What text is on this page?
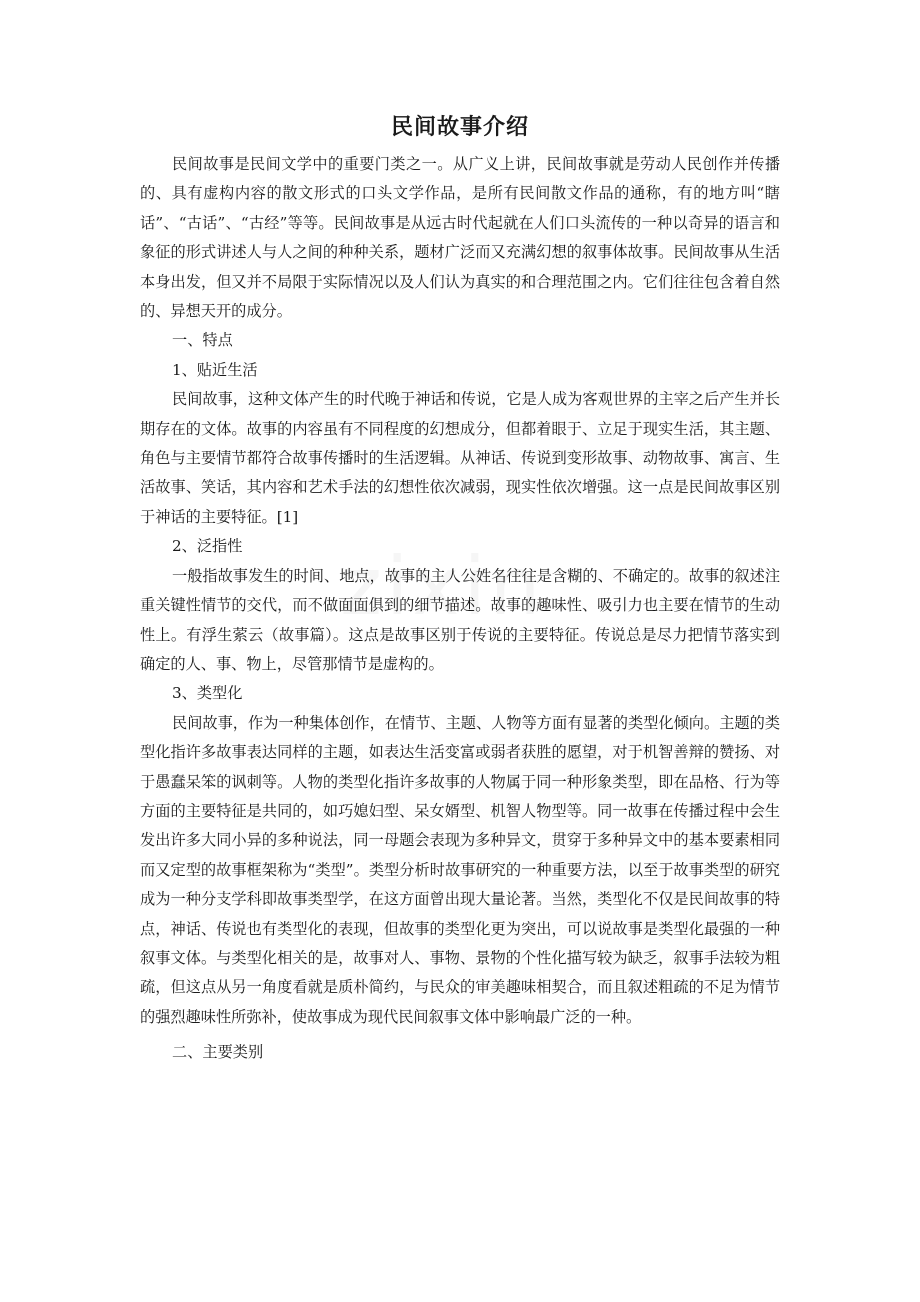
民间故事介绍

民间故事是民间文学中的重要门类之一。从广义上讲，民间故事就是劳动人民创作并传播的、具有虚构内容的散文形式的口头文学作品，是所有民间散文作品的通称，有的地方叫“瞎话”、“古话”、“古经”等等。民间故事是从远古时代起就在人们口头流传的一种以奇异的语言和象征的形式讲述人与人之间的种种关系，题材广泛而又充满幻想的叙事体故事。民间故事从生活本身出发，但又并不局限于实际情况以及人们认为真实的和合理范围之内。它们往往包含着自然的、异想天开的成分。

一、特点

1、贴近生活

民间故事，这种文体产生的时代晚于神话和传说，它是人成为客观世界的主宰之后产生并长期存在的文体。故事的内容虽有不同程度的幻想成分，但都着眼于、立足于现实生活，其主题、角色与主要情节都符合故事传播时的生活逻辑。从神话、传说到变形故事、动物故事、寓言、生活故事、笑话，其内容和艺术手法的幻想性依次减弱，现实性依次增强。这一点是民间故事区别于神话的主要特征。[1]

2、泛指性

一般指故事发生的时间、地点，故事的主人公姓名往往是含糊的、不确定的。故事的叙述注重关键性情节的交代，而不做面面俱到的细节描述。故事的趣味性、吸引力也主要在情节的生动性上。有浮生萦云（故事篇）。这点是故事区别于传说的主要特征。传说总是尽力把情节落实到确定的人、事、物上，尽管那情节是虚构的。

3、类型化

民间故事，作为一种集体创作，在情节、主题、人物等方面有显著的类型化倾向。主题的类型化指许多故事表达同样的主题，如表达生活变富或弱者获胜的愿望，对于机智善辩的赞扬、对于愚蠢呆笨的讽刺等。人物的类型化指许多故事的人物属于同一种形象类型，即在品格、行为等方面的主要特征是共同的，如巧媳妇型、呆女婿型、机智人物型等。同一故事在传播过程中会生发出许多大同小异的多种说法，同一母题会表现为多种异文，贯穿于多种异文中的基本要素相同而又定型的故事框架称为“类型”。类型分析时故事研究的一种重要方法，以至于故事类型的研究成为一种分支学科即故事类型学，在这方面曾出现大量论著。当然，类型化不仅是民间故事的特点，神话、传说也有类型化的表现，但故事的类型化更为突出，可以说故事是类型化最强的一种叙事文体。与类型化相关的是，故事对人、事物、景物的个性化描写较为缺乏，叙事手法较为粗疏，但这点从另一角度看就是质朴简约，与民众的审美趣味相契合，而且叙述粗疏的不足为情节的强烈趣味性所弥补，使故事成为现代民间叙事文体中影响最广泛的一种。

二、主要类别
